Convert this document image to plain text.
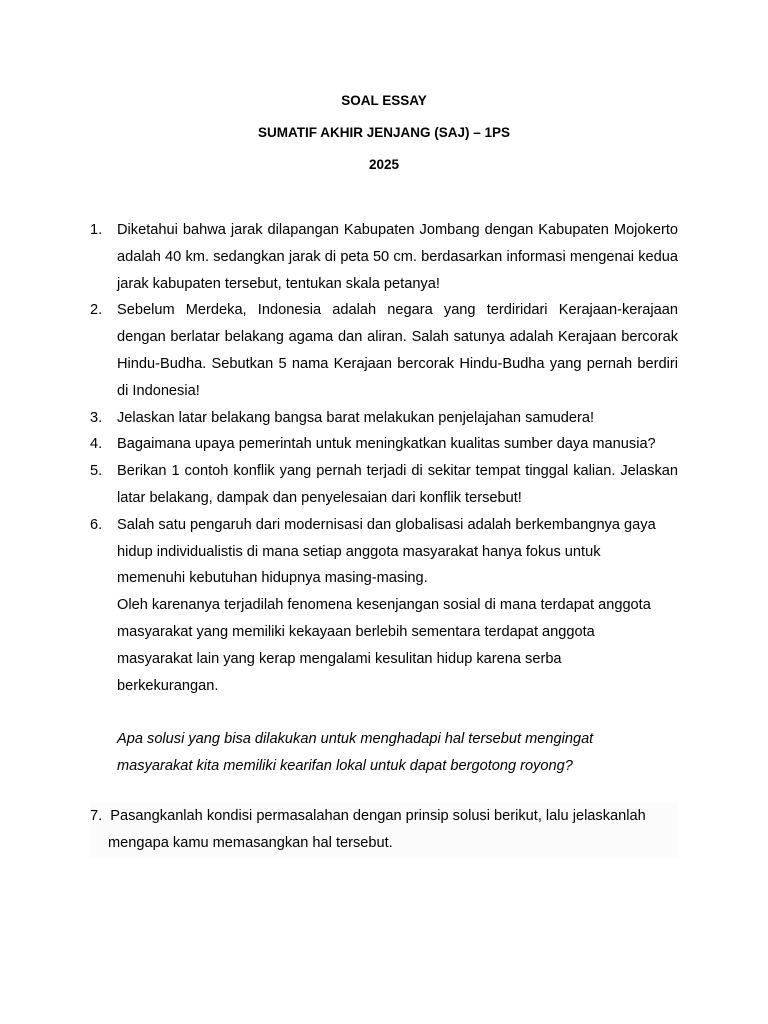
SOAL ESSAY
SUMATIF AKHIR JENJANG (SAJ) – 1PS
2025
1. Diketahui bahwa jarak dilapangan Kabupaten Jombang dengan Kabupaten Mojokerto adalah 40 km. sedangkan jarak di peta 50 cm. berdasarkan informasi mengenai kedua jarak kabupaten tersebut, tentukan skala petanya!

2. Sebelum Merdeka, Indonesia adalah negara yang terdiridari Kerajaan-kerajaan dengan berlatar belakang agama dan aliran. Salah satunya adalah Kerajaan bercorak Hindu-Budha. Sebutkan 5 nama Kerajaan bercorak Hindu-Budha yang pernah berdiri di Indonesia!

3. Jelaskan latar belakang bangsa barat melakukan penjelajahan samudera!

4. Bagaimana upaya pemerintah untuk meningkatkan kualitas sumber daya manusia?

5. Berikan 1 contoh konflik yang pernah terjadi di sekitar tempat tinggal kalian. Jelaskan latar belakang, dampak dan penyelesaian dari konflik tersebut!

6. Salah satu pengaruh dari modernisasi dan globalisasi adalah berkembangnya gaya
hidup individualistis di mana setiap anggota masyarakat hanya fokus untuk
memenuhi kebutuhan hidupnya masing-masing.
Oleh karenanya terjadilah fenomena kesenjangan sosial di mana terdapat anggota
masyarakat yang memiliki kekayaan berlebih sementara terdapat anggota
masyarakat lain yang kerap mengalami kesulitan hidup karena serba
berkekurangan.
Apa solusi yang bisa dilakukan untuk menghadapi hal tersebut mengingat
masyarakat kita memiliki kearifan lokal untuk dapat bergotong royong?
7. Pasangkanlah kondisi permasalahan dengan prinsip solusi berikut, lalu jelaskanlah
mengapa kamu memasangkan hal tersebut.
